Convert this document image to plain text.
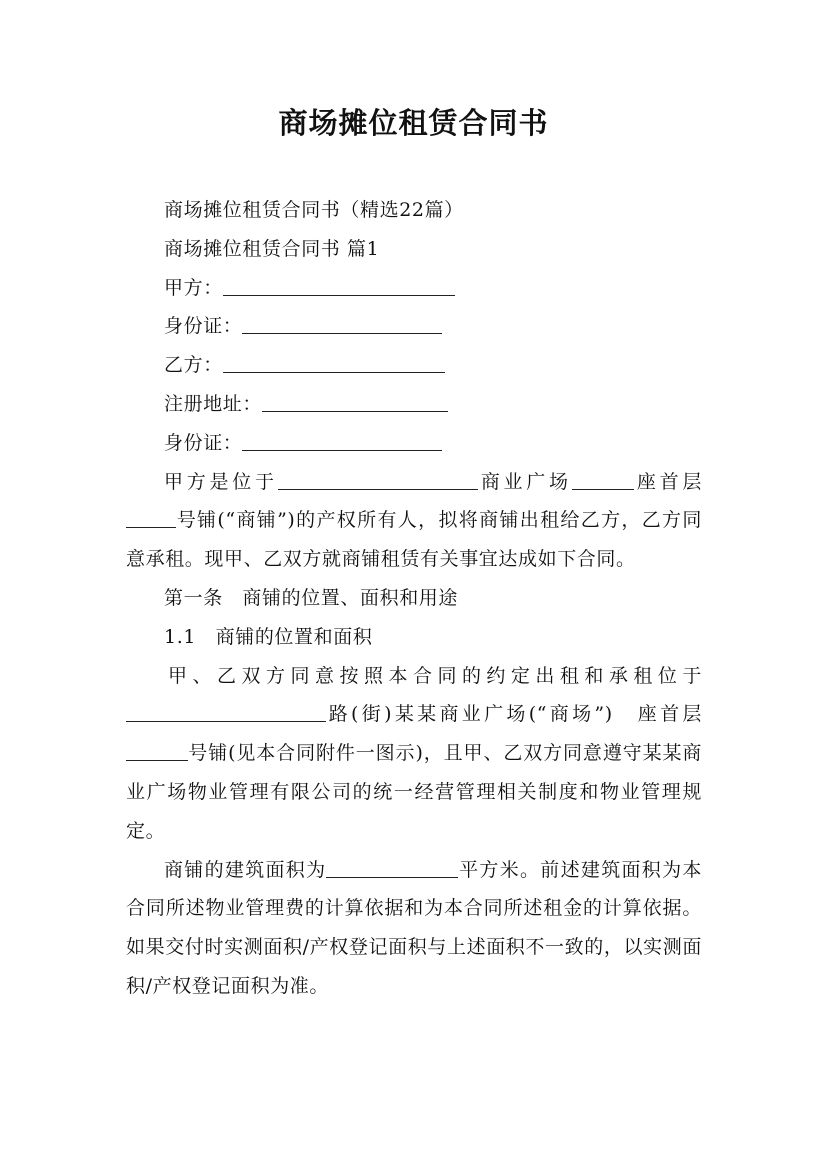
商场摊位租赁合同书

商场摊位租赁合同书（精选22篇）

商场摊位租赁合同书 篇1

甲方：

身份证：

乙方：

注册地址：

身份证：

甲方是位于	商业广场	座首层号铺(“商铺”)的产权所有人，拟将商铺出租给乙方，乙方同意承租。现甲、乙双方就商铺租赁有关事宜达成如下合同。

第一条　商铺的位置、面积和用途

1.1　商铺的位置和面积

甲、乙双方同意按照本合同的约定出租和承租位于路(街)某某商业广场(“商场”)　座首层号铺(见本合同附件一图示)，且甲、乙双方同意遵守某某商业广场物业管理有限公司的统一经营管理相关制度和物业管理规定。

商铺的建筑面积为	平方米。前述建筑面积为本合同所述物业管理费的计算依据和为本合同所述租金的计算依据。如果交付时实测面积/产权登记面积与上述面积不一致的，以实测面积/产权登记面积为准。
